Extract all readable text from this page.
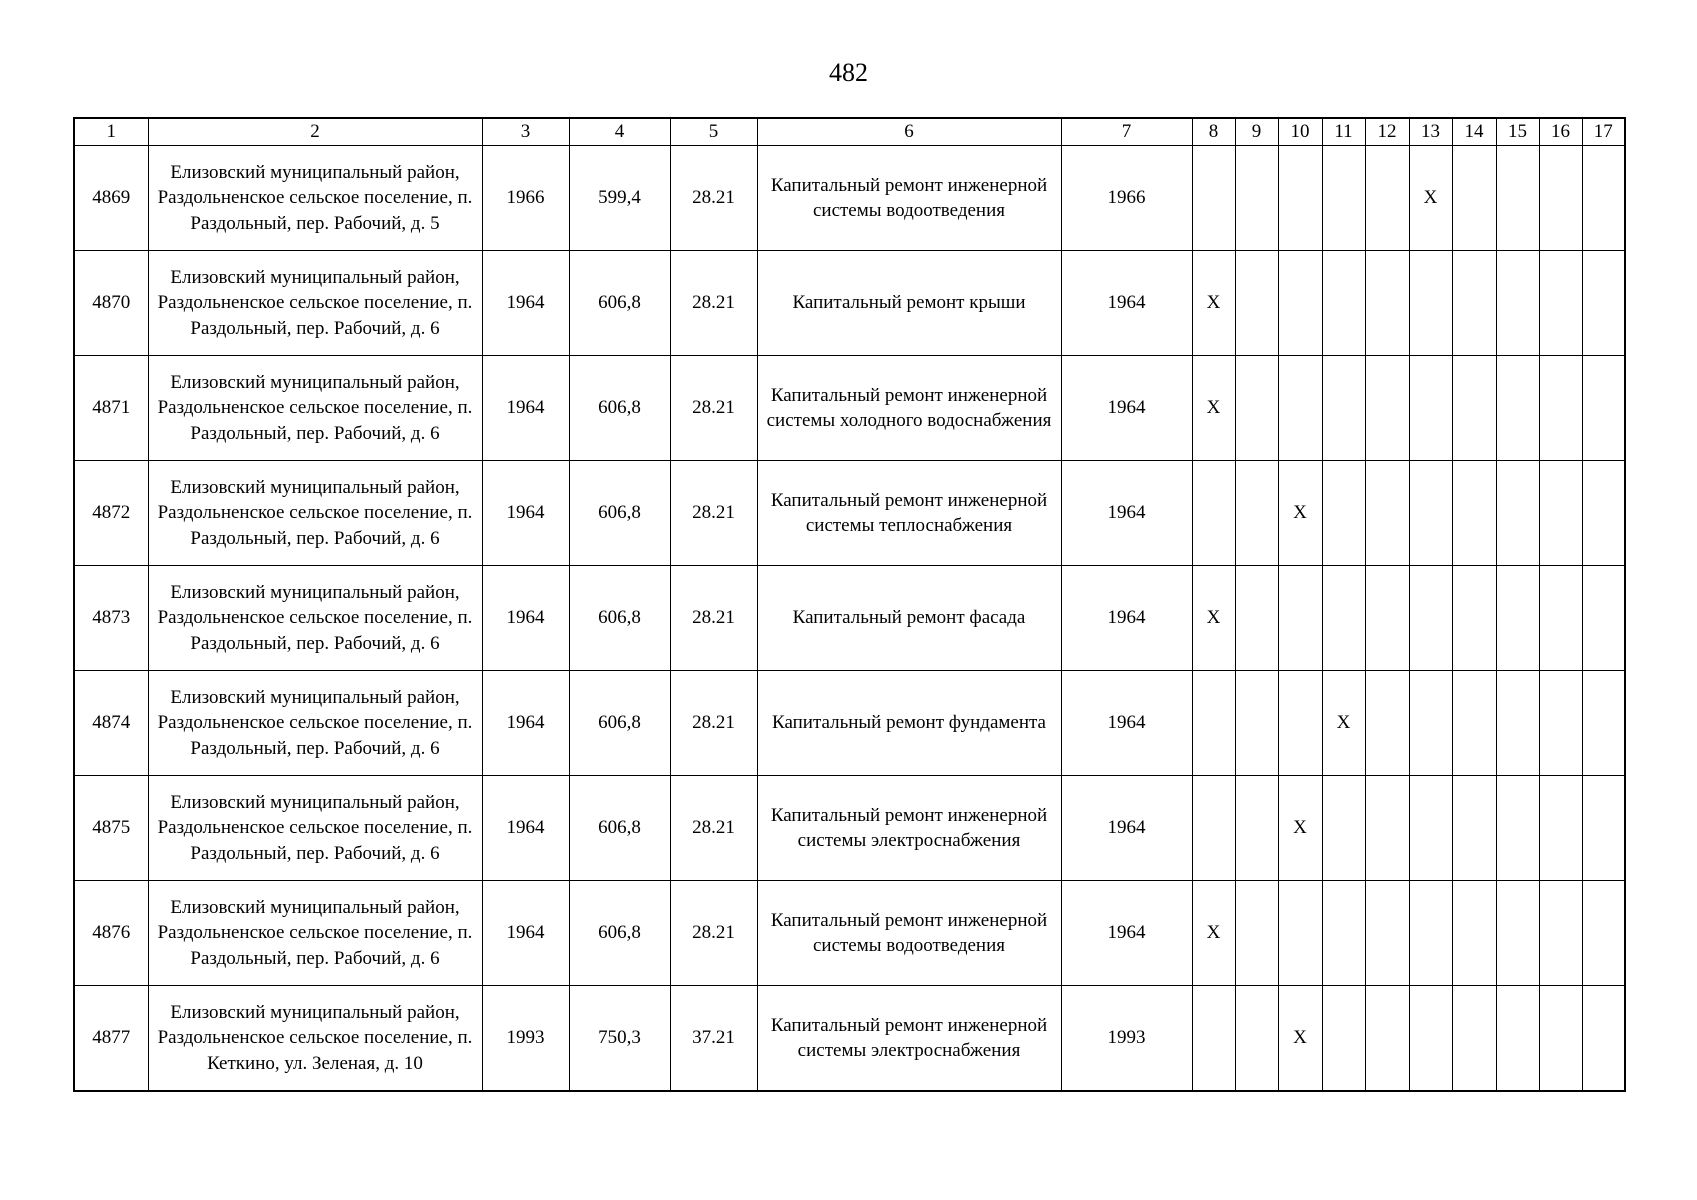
482
1	2	3	4	5	6	7	8	9	10	11	12	13	14	15	16	17
4869	Елизовский муниципальный район, Раздольненское сельское поселение, п. Раздольный, пер. Рабочий, д. 5	1966	599,4	28.21	Капитальный ремонт инженерной системы водоотведения	1966						X				
4870	Елизовский муниципальный район, Раздольненское сельское поселение, п. Раздольный, пер. Рабочий, д. 6	1964	606,8	28.21	Капитальный ремонт крыши	1964	X									
4871	Елизовский муниципальный район, Раздольненское сельское поселение, п. Раздольный, пер. Рабочий, д. 6	1964	606,8	28.21	Капитальный ремонт инженерной системы холодного водоснабжения	1964	X									
4872	Елизовский муниципальный район, Раздольненское сельское поселение, п. Раздольный, пер. Рабочий, д. 6	1964	606,8	28.21	Капитальный ремонт инженерной системы теплоснабжения	1964			X							
4873	Елизовский муниципальный район, Раздольненское сельское поселение, п. Раздольный, пер. Рабочий, д. 6	1964	606,8	28.21	Капитальный ремонт фасада	1964	X									
4874	Елизовский муниципальный район, Раздольненское сельское поселение, п. Раздольный, пер. Рабочий, д. 6	1964	606,8	28.21	Капитальный ремонт фундамента	1964				X						
4875	Елизовский муниципальный район, Раздольненское сельское поселение, п. Раздольный, пер. Рабочий, д. 6	1964	606,8	28.21	Капитальный ремонт инженерной системы электроснабжения	1964			X							
4876	Елизовский муниципальный район, Раздольненское сельское поселение, п. Раздольный, пер. Рабочий, д. 6	1964	606,8	28.21	Капитальный ремонт инженерной системы водоотведения	1964	X									
4877	Елизовский муниципальный район, Раздольненское сельское поселение, п. Кеткино, ул. Зеленая, д. 10	1993	750,3	37.21	Капитальный ремонт инженерной системы электроснабжения	1993			X							
